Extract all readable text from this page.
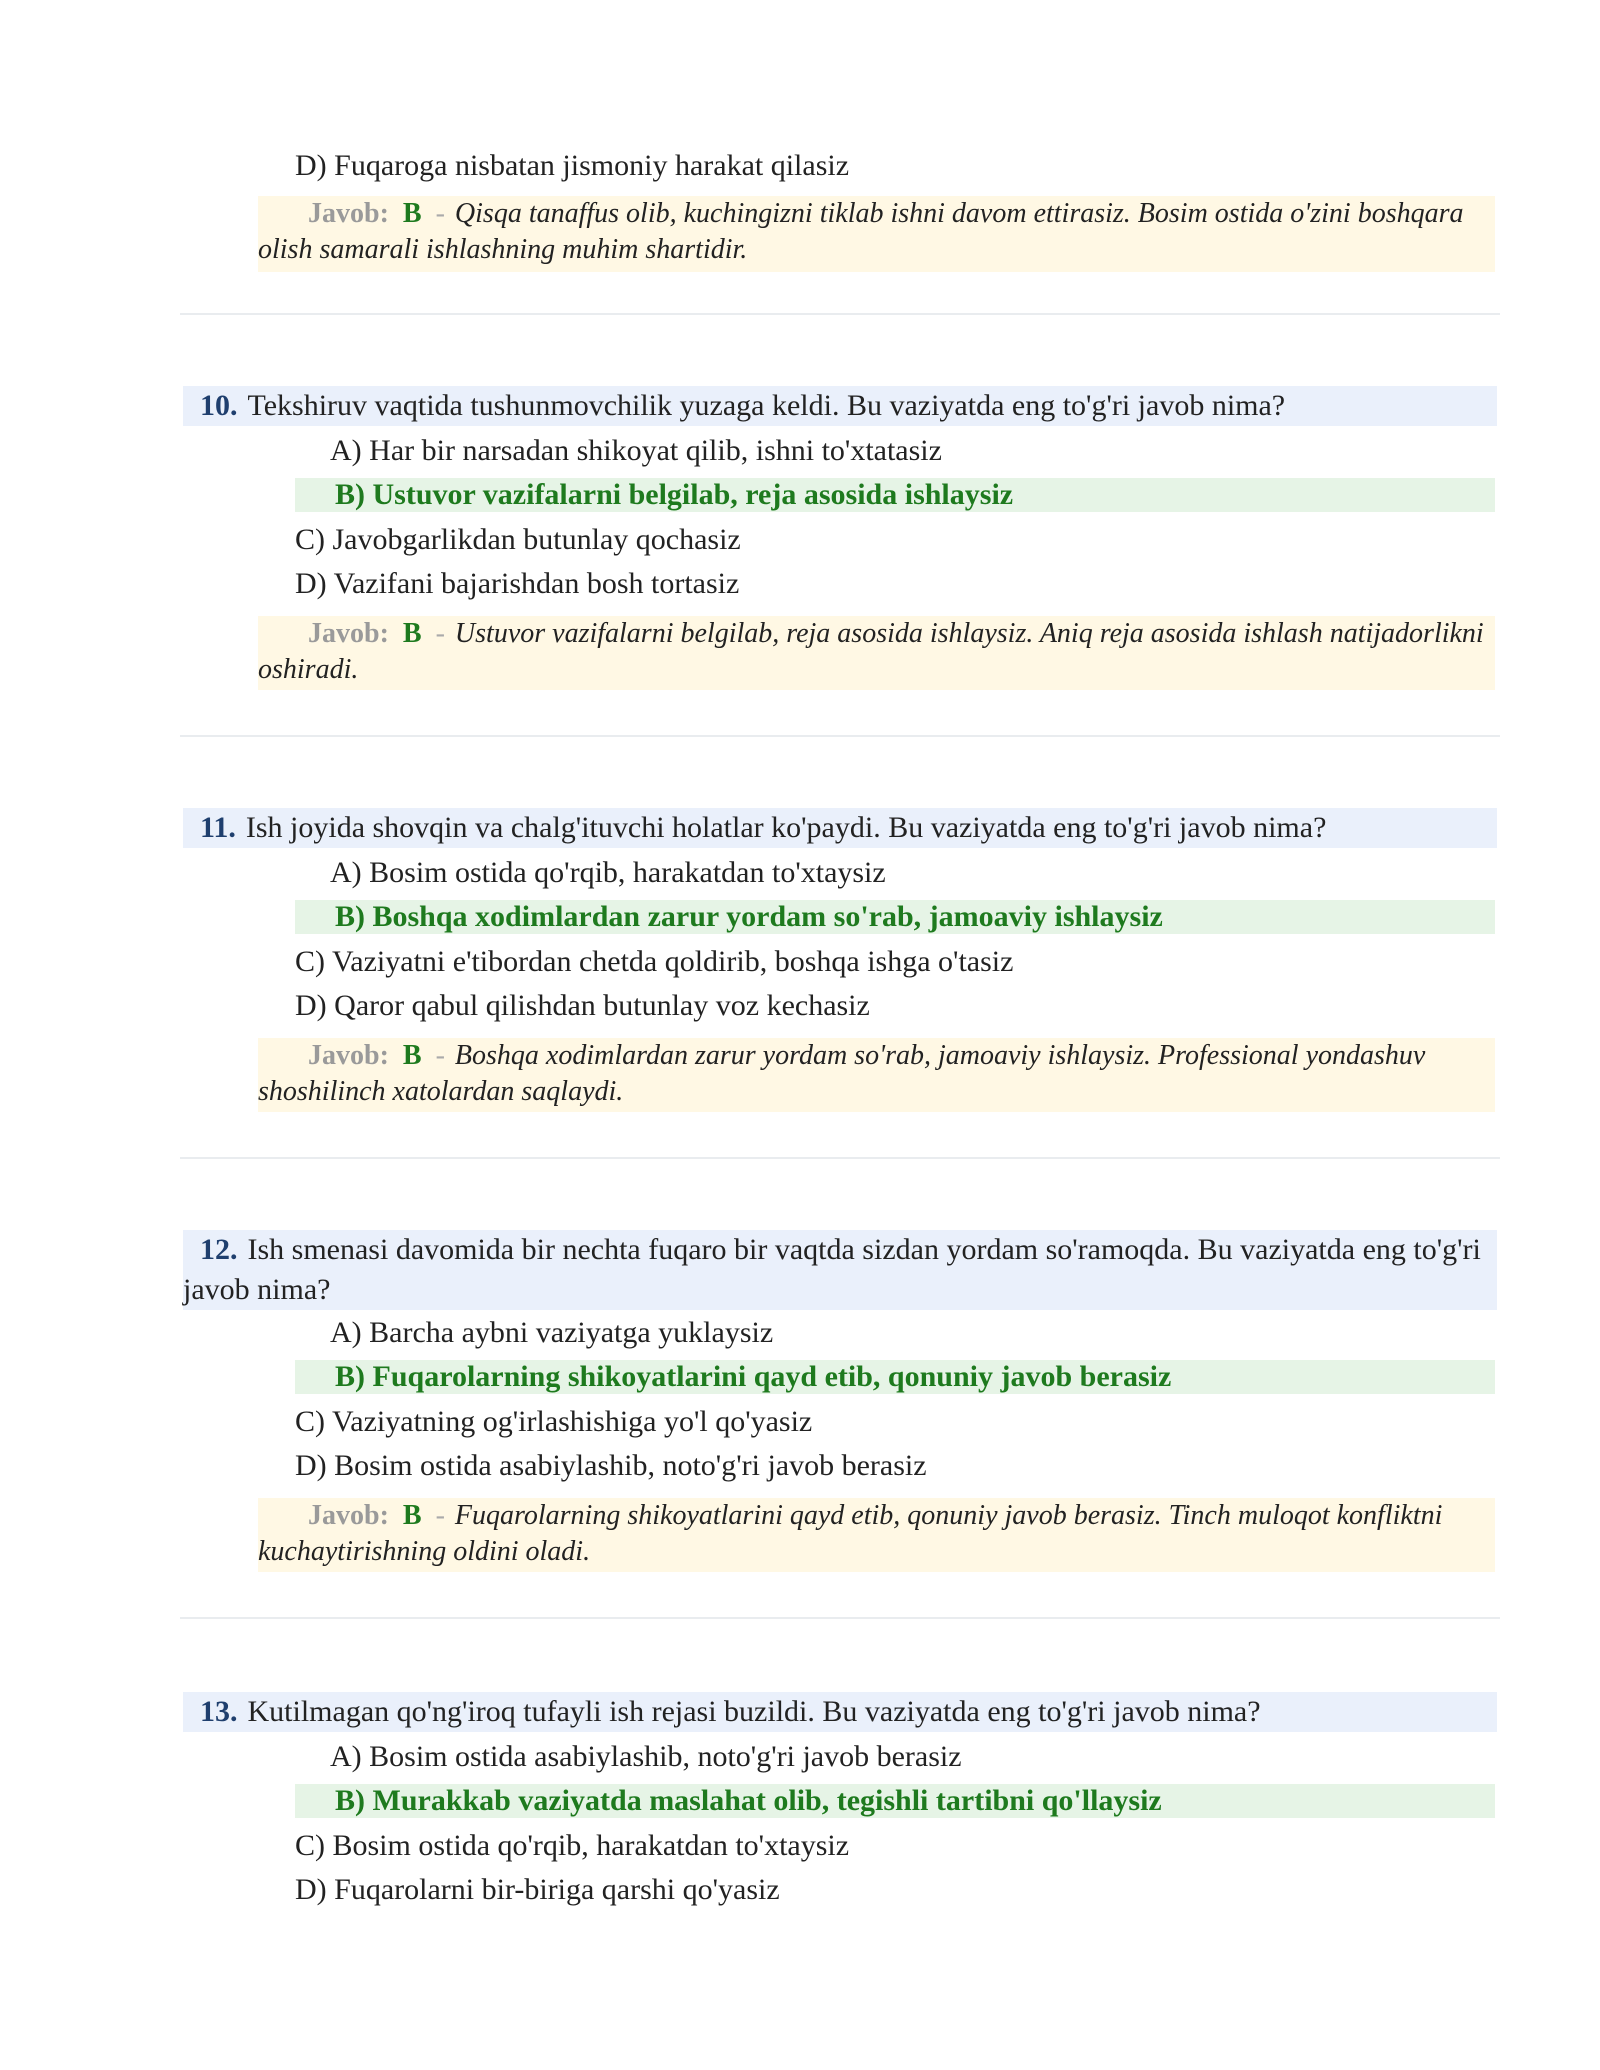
D) Fuqaroga nisbatan jismoniy harakat qilasiz
Javob: B - Qisqa tanaffus olib, kuchingizni tiklab ishni davom ettirasiz. Bosim ostida o'zini boshqara olish samarali ishlashning muhim shartidir.
10. Tekshiruv vaqtida tushunmovchilik yuzaga keldi. Bu vaziyatda eng to'g'ri javob nima?
A) Har bir narsadan shikoyat qilib, ishni to'xtatasiz
B) Ustuvor vazifalarni belgilab, reja asosida ishlaysiz
C) Javobgarlikdan butunlay qochasiz
D) Vazifani bajarishdan bosh tortasiz
Javob: B - Ustuvor vazifalarni belgilab, reja asosida ishlaysiz. Aniq reja asosida ishlash natijadorlikni oshiradi.
11. Ish joyida shovqin va chalg'ituvchi holatlar ko'paydi. Bu vaziyatda eng to'g'ri javob nima?
A) Bosim ostida qo'rqib, harakatdan to'xtaysiz
B) Boshqa xodimlardan zarur yordam so'rab, jamoaviy ishlaysiz
C) Vaziyatni e'tibordan chetda qoldirib, boshqa ishga o'tasiz
D) Qaror qabul qilishdan butunlay voz kechasiz
Javob: B - Boshqa xodimlardan zarur yordam so'rab, jamoaviy ishlaysiz. Professional yondashuv shoshilinch xatolardan saqlaydi.
12. Ish smenasi davomida bir nechta fuqaro bir vaqtda sizdan yordam so'ramoqda. Bu vaziyatda eng to'g'ri javob nima?
A) Barcha aybni vaziyatga yuklaysiz
B) Fuqarolarning shikoyatlarini qayd etib, qonuniy javob berasiz
C) Vaziyatning og'irlashishiga yo'l qo'yasiz
D) Bosim ostida asabiylashib, noto'g'ri javob berasiz
Javob: B - Fuqarolarning shikoyatlarini qayd etib, qonuniy javob berasiz. Tinch muloqot konfliktni kuchaytirishning oldini oladi.
13. Kutilmagan qo'ng'iroq tufayli ish rejasi buzildi. Bu vaziyatda eng to'g'ri javob nima?
A) Bosim ostida asabiylashib, noto'g'ri javob berasiz
B) Murakkab vaziyatda maslahat olib, tegishli tartibni qo'llaysiz
C) Bosim ostida qo'rqib, harakatdan to'xtaysiz
D) Fuqarolarni bir-biriga qarshi qo'yasiz
